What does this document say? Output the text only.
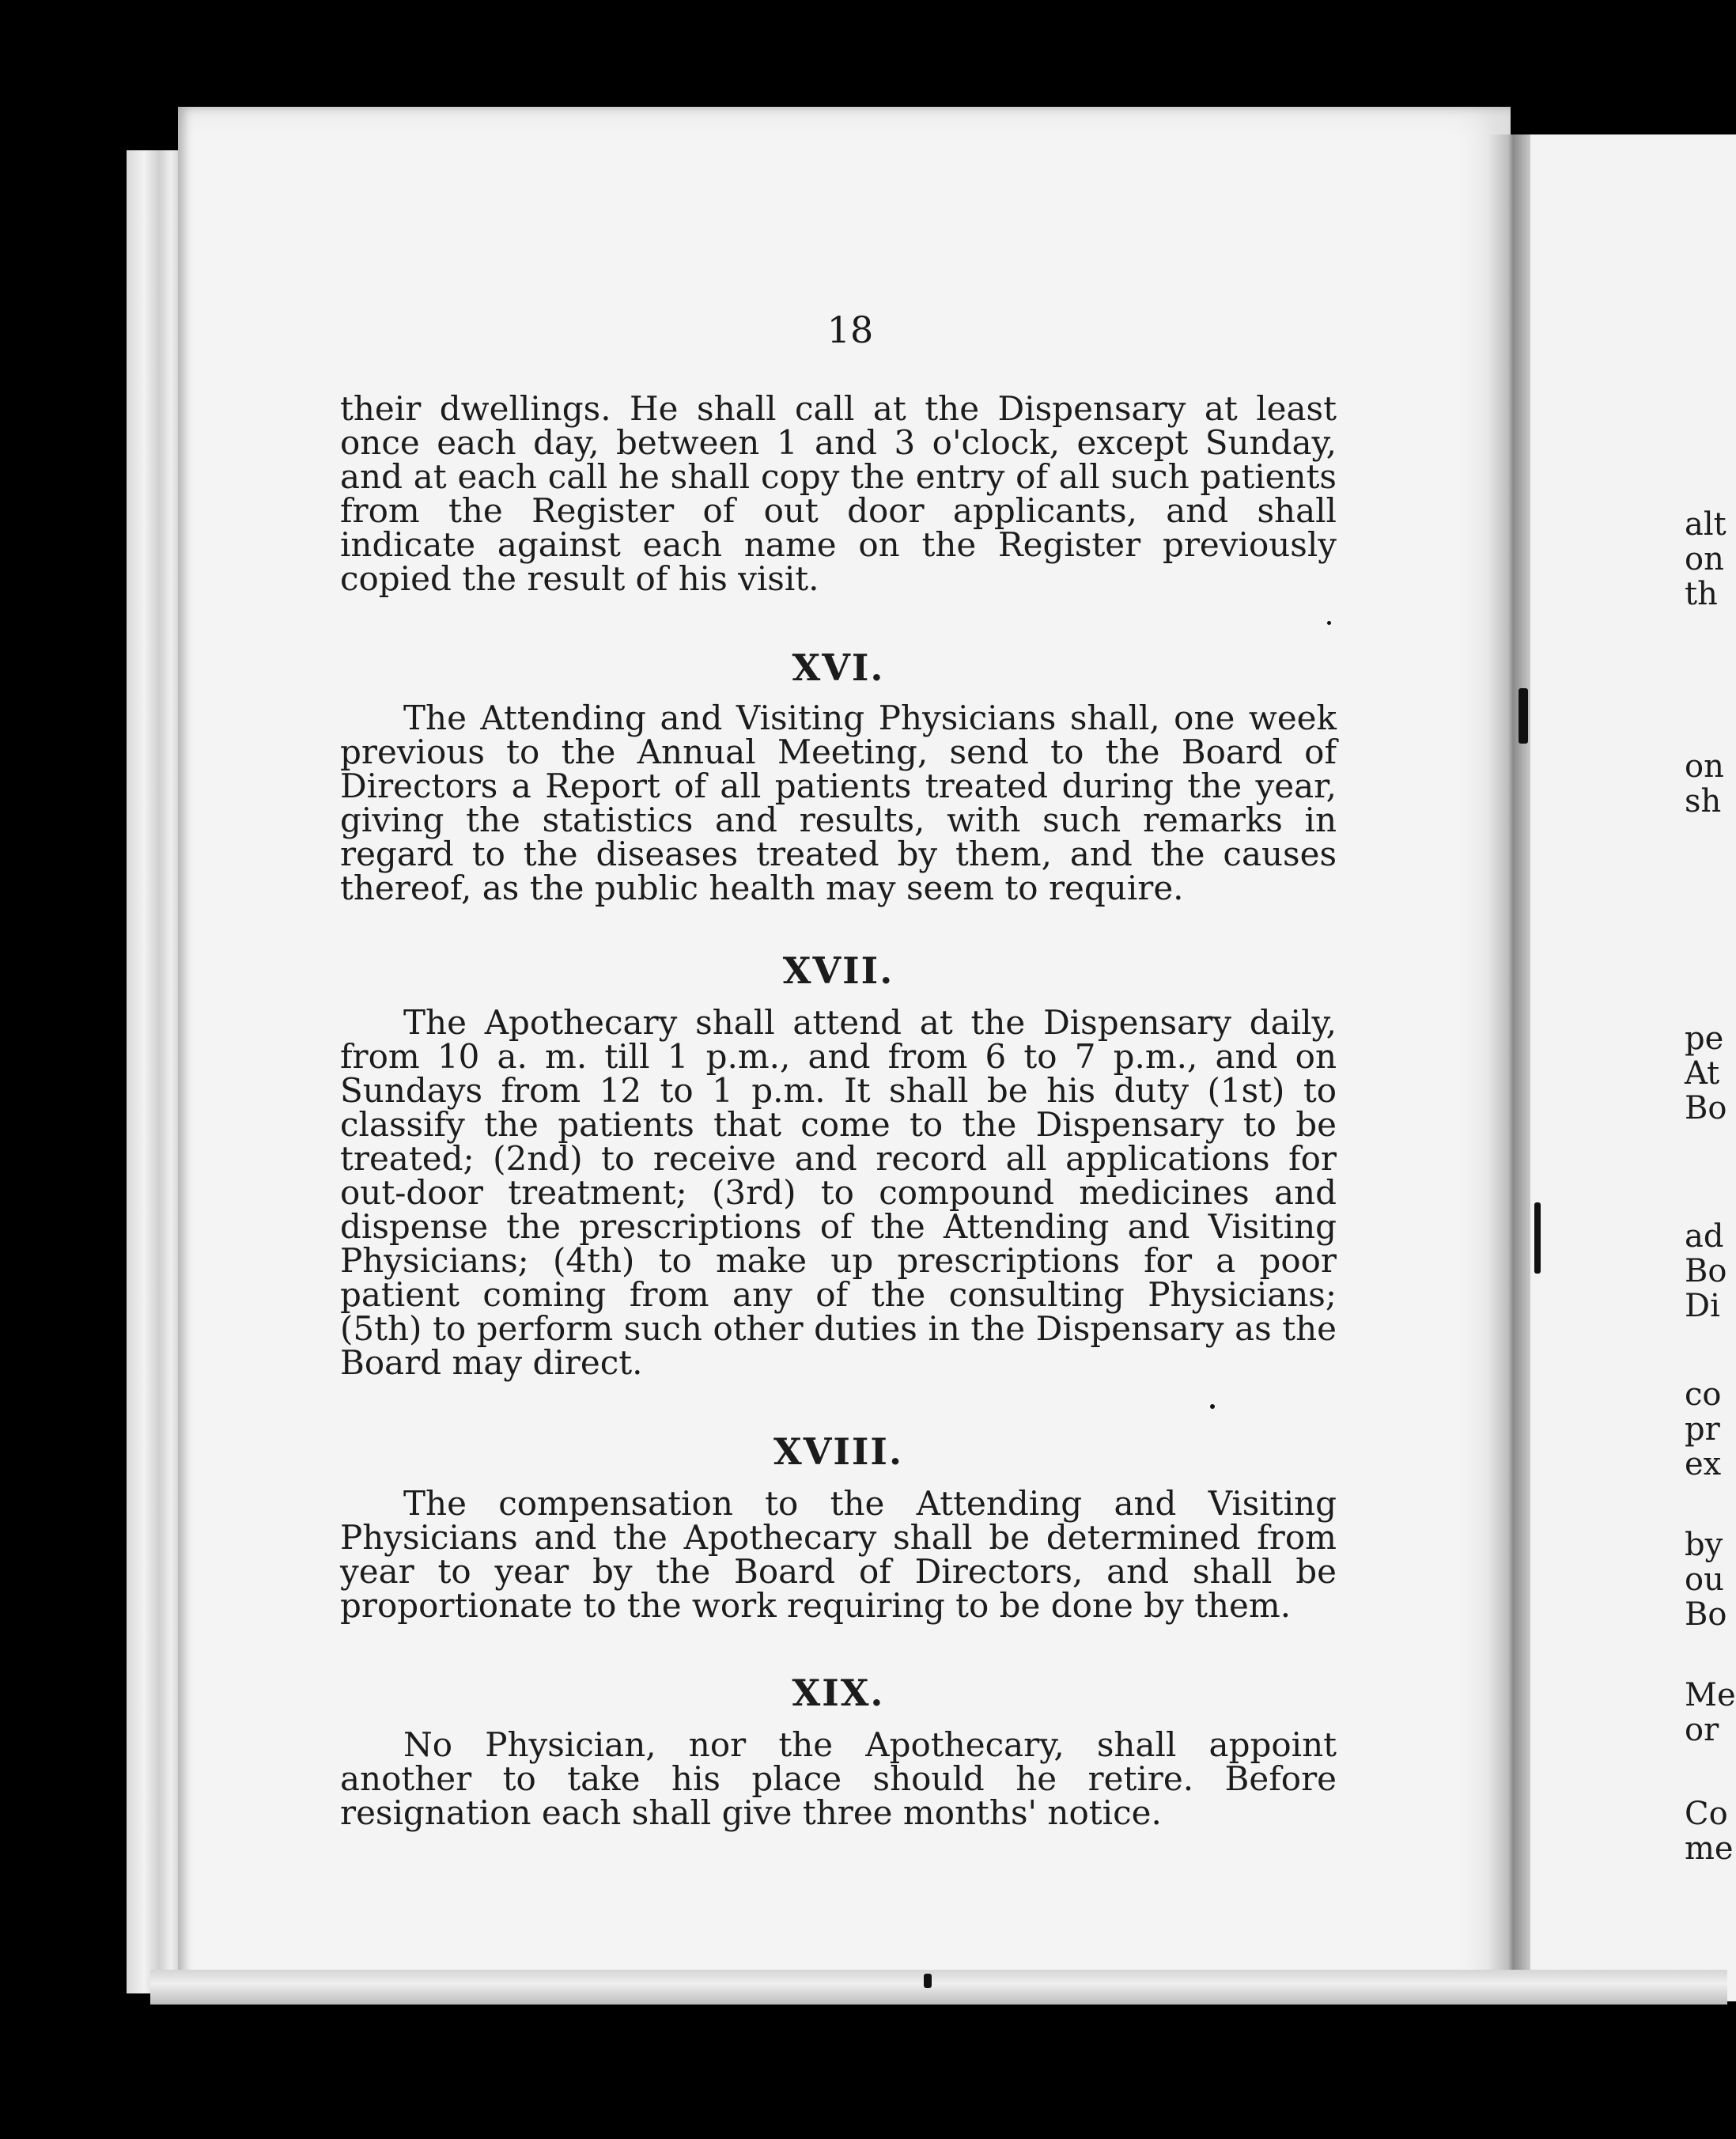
18

their dwellings. He shall call at the Dispensary at least once each day, between 1 and 3 o'clock, except Sunday, and at each call he shall copy the entry of all such patients from the Register of out door applicants, and shall indicate against each name on the Register previously copied the result of his visit.

XVI.

The Attending and Visiting Physicians shall, one week previous to the Annual Meeting, send to the Board of Directors a Report of all patients treated during the year, giving the statistics and results, with such remarks in regard to the diseases treated by them, and the causes thereof, as the public health may seem to require.

XVII.

The Apothecary shall attend at the Dispensary daily, from 10 a. m. till 1 p.m., and from 6 to 7 p.m., and on Sundays from 12 to 1 p.m. It shall be his duty (1st) to classify the patients that come to the Dispensary to be treated; (2nd) to receive and record all applications for out-door treatment; (3rd) to compound medicines and dispense the prescriptions of the Attending and Visiting Physicians; (4th) to make up prescriptions for a poor patient coming from any of the consulting Physicians; (5th) to perform such other duties in the Dispensary as the Board may direct.

XVIII.

The compensation to the Attending and Visiting Physicians and the Apothecary shall be determined from year to year by the Board of Directors, and shall be proportionate to the work requiring to be done by them.

XIX.

No Physician, nor the Apothecary, shall appoint another to take his place should he retire. Before resignation each shall give three months' notice.

alt
on
th
on
sh
pe
At
Bo
ad
Bo
Di
co
pr
ex
by
ou
Bo
Me
or
Co
me
